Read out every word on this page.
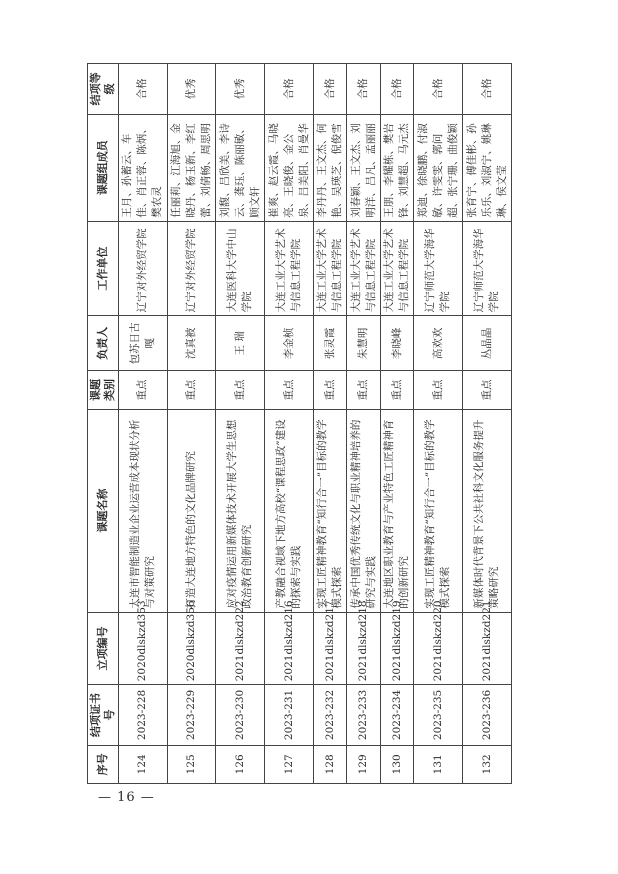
序号	结项证书号	立项编号	课题名称	课题类别	负责人	工作单位	课题组成员	结项等级
124	2023-228	2020dlskzd353	大连市智能制造业企业运营成本现状分析与对策研究	重点	包苏日古嘎	辽宁对外经贸学院	王月、孙蓄云、车佳、肖正蓉、陈炳、樊农灵	合格
125	2023-229	2020dlskzd356	打造大连地方特色的文化品牌研究	重点	沈真被	辽宁对外经贸学院	任丽莉、江海旭、金晓丹、杨玉新、李红蕾、刘倩畅、周思明	优秀
126	2023-230	2021dlskzd222	应对疫情运用新媒体技术开展大学生思想政治教育创新研究	重点	王 瑞	大连医科大学中山学院	刘馥、吕欣美、李诗云、龚珏、陈丽敏、顾文轩	优秀
127	2023-231	2021dlskzd216	产教融合视域下地方高校“课程思政”建设的探索与实践	重点	李金桢	大连工业大学艺术与信息工程学院	崔爽、赵云霞、马晓亮、王晓俊、金公泉、吕美阳、肖曼华	合格
128	2023-232	2021dlskzd217	实现工匠精神教育“知行合一”目标的教学模式探索	重点	张灵霞	大连工业大学艺术与信息工程学院	李丹丹、王文杰、何艳、吴瑛芝、倪俊雪	合格
129	2023-233	2021dlskzd218	传承中国优秀传统文化与职业精神培养的研究与实践	重点	朱慧明	大连工业大学艺术与信息工程学院	刘春颖、王文杰、刘明洋、吕凡、孟丽丽	合格
130	2023-234	2021dlskzd219	大连地区职业教育与产业特色工匠精神育的创新研究	重点	李晓峰	大连工业大学艺术与信息工程学院	王朋、李耀栋、樊岩锋、刘慧超、马元杰	合格
131	2023-235	2021dlskzd220	实现工匠精神教育“知行合一”目标的教学模式探索	重点	高欢欢	辽宁师范大学海华学院	郑迪、徐晓鹏、付淑敏、许雯雯、郭问超、张宁珊、曲俊颖	合格
132	2023-236	2021dlskzd221	新媒体时代背景下公共社科文化服务提升策略研究	重点	丛晶晶	辽宁师范大学海华学院	张育宁、傅佳彬、孙乐乐、刘淑宁、姚琳琳、侯文莹	合格
— 16 —
